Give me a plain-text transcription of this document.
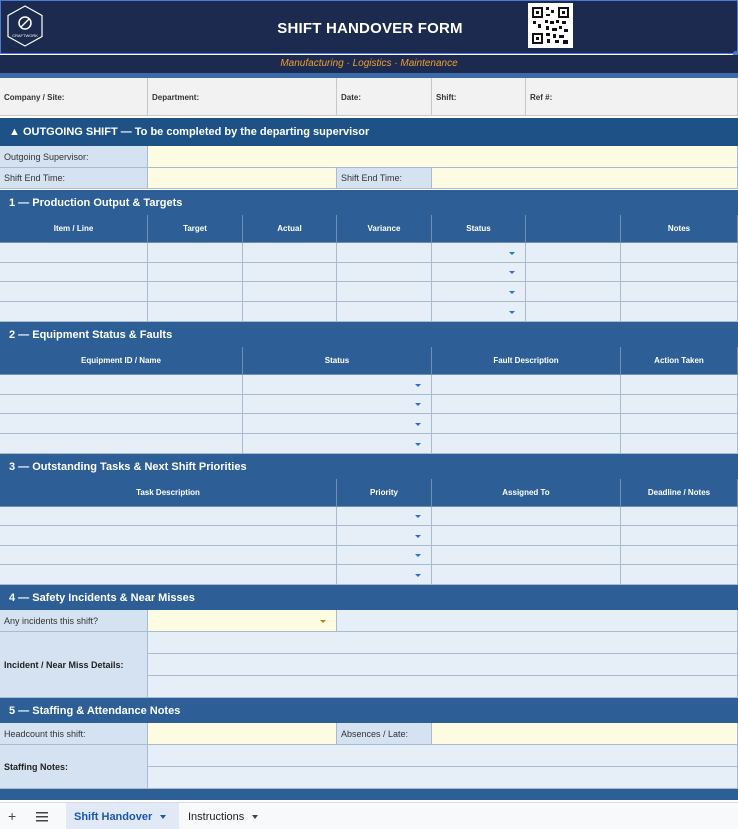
CRAFTWORK	SHIFT HANDOVER FORM
Manufacturing · Logistics · Maintenance
Company / Site:	Department:	Date:	Shift:	Ref #:
▲ OUTGOING SHIFT — To be completed by the departing supervisor
Outgoing Supervisor:
Shift End Time:	Shift End Time:
1 — Production Output & Targets
Item / Line	Target	Actual	Variance	Status	Notes
2 — Equipment Status & Faults
Equipment ID / Name	Status	Fault Description	Action Taken
3 — Outstanding Tasks & Next Shift Priorities
Task Description	Priority	Assigned To	Deadline / Notes
4 — Safety Incidents & Near Misses
Any incidents this shift?
Incident / Near Miss Details:
5 — Staffing & Attendance Notes
Headcount this shift:	Absences / Late:
Staffing Notes:
+	Shift Handover	Instructions
